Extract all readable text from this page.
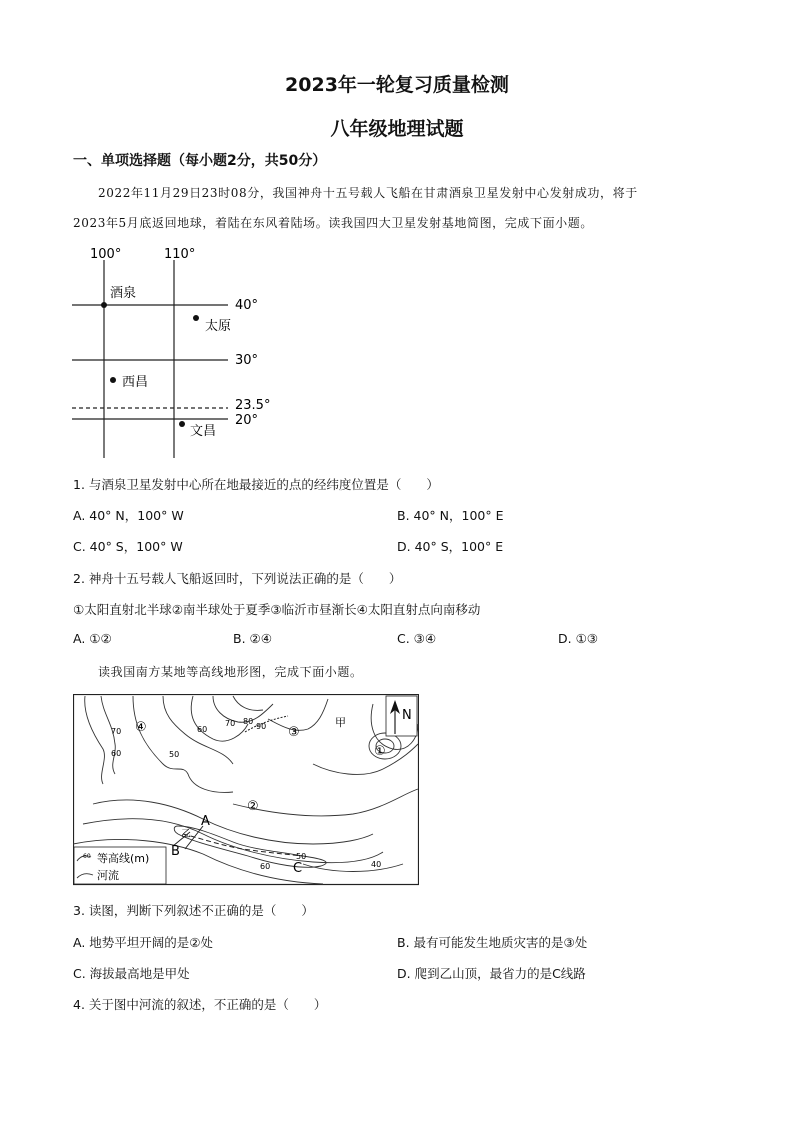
2023年一轮复习质量检测
八年级地理试题
一、单项选择题（每小题2分，共50分）
2022年11月29日23时08分，我国神舟十五号载人飞船在甘肃酒泉卫星发射中心发射成功，将于
2023年5月底返回地球，着陆在东风着陆场。读我国四大卫星发射基地简图，完成下面小题。
100°	110°
40°
30°
23.5°
20°
酒泉
太原
西昌
文昌
1. 与酒泉卫星发射中心所在地最接近的点的经纬度位置是（　　）
A. 40° N，100° W	B. 40° N，100° E
C. 40° S，100° W	D. 40° S，100° E
2. 神舟十五号载人飞船返回时，下列说法正确的是（　　）
①太阳直射北半球②南半球处于夏季③临沂市昼渐长④太阳直射点向南移动
A. ①②	B. ②④	C. ③④	D. ①③
读我国南方某地等高线地形图，完成下面小题。
70
60	50
70 80
90
60
50
60	40
④
②
③
①
甲
乙
A
B
C
N
60 等高线(m)
河流
3. 读图，判断下列叙述不正确的是（　　）
A. 地势平坦开阔的是②处	B. 最有可能发生地质灾害的是③处
C. 海拔最高地是甲处	D. 爬到乙山顶，最省力的是C线路
4. 关于图中河流的叙述，不正确的是（　　）
